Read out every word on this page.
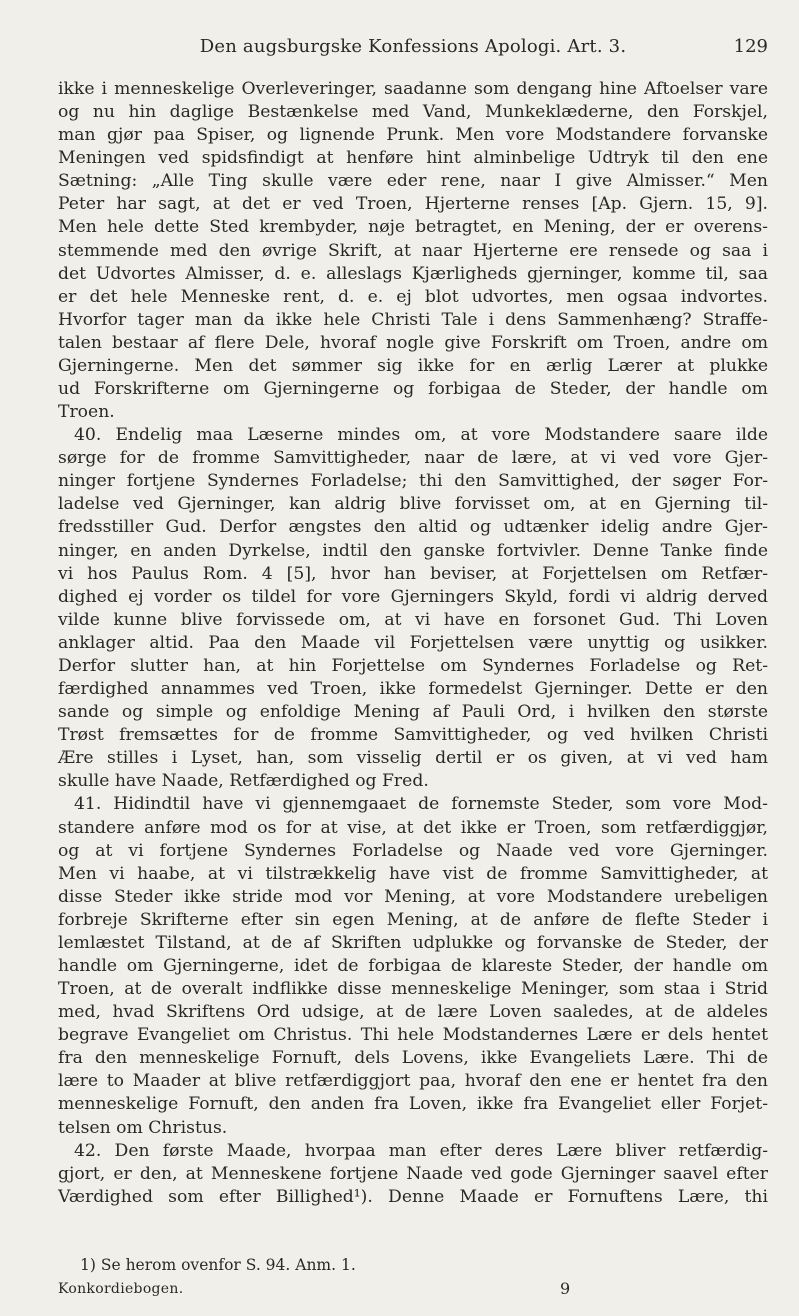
Den augsburgske Konfessions Apologi. Art. 3.	129
ikke i menneskelige Overleveringer, saadanne som dengang hine Aftoelser vare
og nu hin daglige Bestænkelse med Vand, Munkeklæderne, den Forskjel,
man gjør paa Spiser, og lignende Prunk. Men vore Modstandere forvanske
Meningen ved spidsfindigt at henføre hint alminbelige Udtryk til den ene
Sætning: „Alle Ting skulle være eder rene, naar I give Almisser.“ Men
Peter har sagt, at det er ved Troen, Hjerterne renses [Ap. Gjern. 15, 9].
Men hele dette Sted krembyder, nøje betragtet, en Mening, der er overens-
stemmende med den øvrige Skrift, at naar Hjerterne ere rensede og saa i
det Udvortes Almisser, d. e. alleslags Kjærligheds gjerninger, komme til, saa
er det hele Menneske rent, d. e. ej blot udvortes, men ogsaa indvortes.
Hvorfor tager man da ikke hele Christi Tale i dens Sammenhæng? Straffe-
talen bestaar af flere Dele, hvoraf nogle give Forskrift om Troen, andre om
Gjerningerne. Men det sømmer sig ikke for en ærlig Lærer at plukke
ud Forskrifterne om Gjerningerne og forbigaa de Steder, der handle om
Troen.
40. Endelig maa Læserne mindes om, at vore Modstandere saare ilde
sørge for de fromme Samvittigheder, naar de lære, at vi ved vore Gjer-
ninger fortjene Syndernes Forladelse; thi den Samvittighed, der søger For-
ladelse ved Gjerninger, kan aldrig blive forvisset om, at en Gjerning til-
fredsstiller Gud. Derfor ængstes den altid og udtænker idelig andre Gjer-
ninger, en anden Dyrkelse, indtil den ganske fortvivler. Denne Tanke finde
vi hos Paulus Rom. 4 [5], hvor han beviser, at Forjettelsen om Retfær-
dighed ej vorder os tildel for vore Gjerningers Skyld, fordi vi aldrig derved
vilde kunne blive forvissede om, at vi have en forsonet Gud. Thi Loven
anklager altid. Paa den Maade vil Forjettelsen være unyttig og usikker.
Derfor slutter han, at hin Forjettelse om Syndernes Forladelse og Ret-
færdighed annammes ved Troen, ikke formedelst Gjerninger. Dette er den
sande og simple og enfoldige Mening af Pauli Ord, i hvilken den største
Trøst fremsættes for de fromme Samvittigheder, og ved hvilken Christi
Ære stilles i Lyset, han, som visselig dertil er os given, at vi ved ham
skulle have Naade, Retfærdighed og Fred.
41. Hidindtil have vi gjennemgaaet de fornemste Steder, som vore Mod-
standere anføre mod os for at vise, at det ikke er Troen, som retfærdiggjør,
og at vi fortjene Syndernes Forladelse og Naade ved vore Gjerninger.
Men vi haabe, at vi tilstrækkelig have vist de fromme Samvittigheder, at
disse Steder ikke stride mod vor Mening, at vore Modstandere urebeligen
forbreje Skrifterne efter sin egen Mening, at de anføre de flefte Steder i
lemlæstet Tilstand, at de af Skriften udplukke og forvanske de Steder, der
handle om Gjerningerne, idet de forbigaa de klareste Steder, der handle om
Troen, at de overalt indflikke disse menneskelige Meninger, som staa i Strid
med, hvad Skriftens Ord udsige, at de lære Loven saaledes, at de aldeles
begrave Evangeliet om Christus. Thi hele Modstandernes Lære er dels hentet
fra den menneskelige Fornuft, dels Lovens, ikke Evangeliets Lære. Thi de
lære to Maader at blive retfærdiggjort paa, hvoraf den ene er hentet fra den
menneskelige Fornuft, den anden fra Loven, ikke fra Evangeliet eller Forjet-
telsen om Christus.
42. Den første Maade, hvorpaa man efter deres Lære bliver retfærdig-
gjort, er den, at Menneskene fortjene Naade ved gode Gjerninger saavel efter
Værdighed som efter Billighed¹). Denne Maade er Fornuftens Lære, thi
1) Se herom ovenfor S. 94. Anm. 1.
Konkordiebogen.	9
